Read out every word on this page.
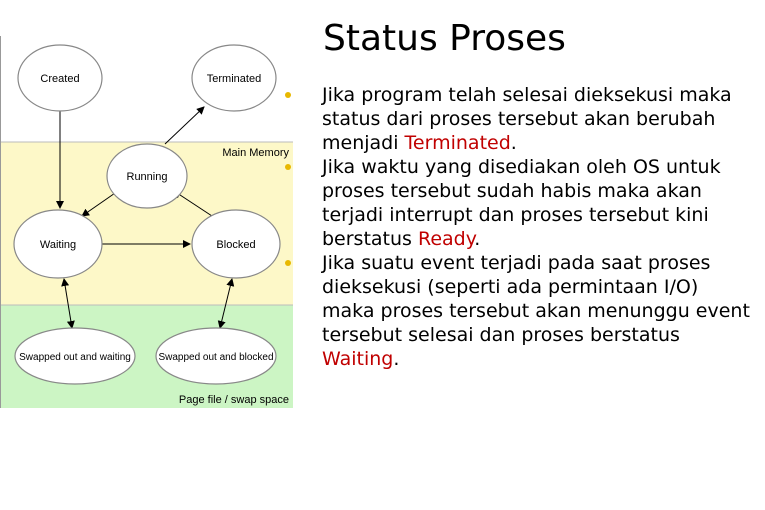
Status Proses
Main Memory
Page file / swap space
Created	Terminated
Running
Waiting	Blocked
Swapped out and waiting	Swapped out and blocked
Jika program telah selesai dieksekusi maka status dari proses tersebut akan berubah menjadi Terminated.
Jika waktu yang disediakan oleh OS untuk proses tersebut sudah habis maka akan terjadi interrupt dan proses tersebut kini berstatus Ready.
Jika suatu event terjadi pada saat proses dieksekusi (seperti ada permintaan I/O) maka proses tersebut akan menunggu event tersebut selesai dan proses berstatus Waiting.
